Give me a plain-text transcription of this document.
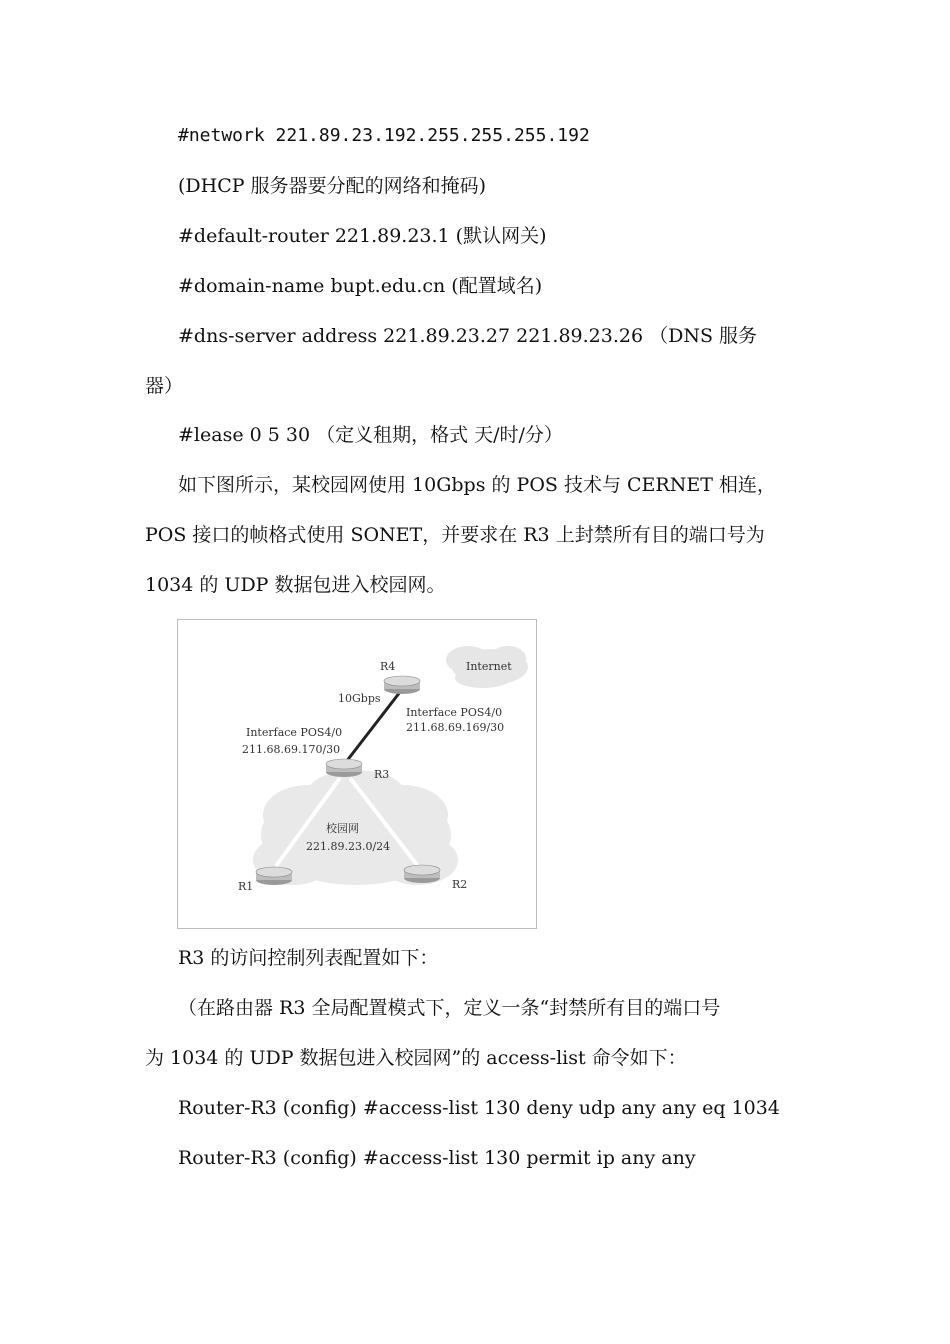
#network 221.89.23.192.255.255.255.192
(DHCP 服务器要分配的网络和掩码)
#default-router 221.89.23.1 (默认网关)
#domain-name bupt.edu.cn (配置域名)
#dns-server address 221.89.23.27 221.89.23.26 （DNS 服务
器）
#lease 0 5 30 （定义租期，格式 天/时/分）
如下图所示，某校园网使用 10Gbps 的 POS 技术与 CERNET 相连，
POS 接口的帧格式使用 SONET，并要求在 R3 上封禁所有目的端口号为
1034 的 UDP 数据包进入校园网。
Internet
R4
10Gbps
Interface POS4/0
211.68.69.169/30
Interface POS4/0
211.68.69.170/30
R3
校园网
221.89.23.0/24
R1	R2
R3 的访问控制列表配置如下：
（在路由器 R3 全局配置模式下，定义一条“封禁所有目的端口号
为 1034 的 UDP 数据包进入校园网”的 access-list 命令如下：
Router-R3 (config) #access-list 130 deny udp any any eq 1034
Router-R3 (config) #access-list 130 permit ip any any
